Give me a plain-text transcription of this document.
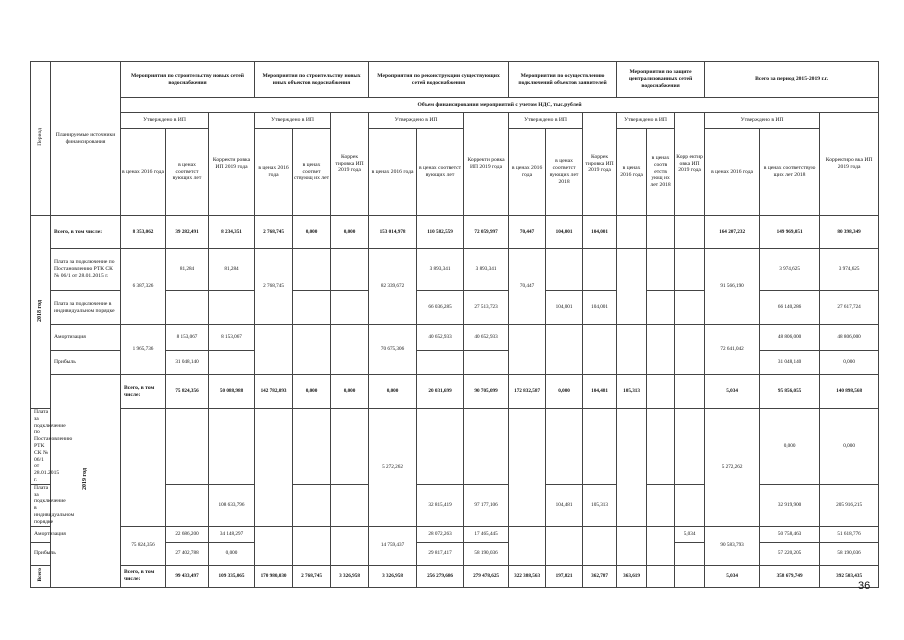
Период	Планируемые источники финансирования	Мероприятия по строительству новых сетей водоснабжения			Мероприятия по строительству новых иных объектов водоснабжения			Мероприятия по реконструкции существующих сетей водоснабжения			Мероприятия по осуществлению подключений объектов заявителей			Мероприятия по защите централизованных сетей водоснабжения			Всего за период 2015-2019 г.г.			
		Объем финансирования мероприятий с учетом НДС, тыс.рублей																		
		Утверждено в ИП		Корректи ровка ИП 2019 года	Утверждено в ИП		Коррек тировка ИП 2019 года	Утверждено в ИП		Корректи ровка ИП 2019 года	Утверждено в ИП		Коррек тировка ИП 2019 года	Утверждено в ИП		Корр ектир овка ИП 2019 года	Утверждено в ИП		Корректиро вка ИП 2019 года	
		в ценах 2016 года	в ценах соответст вующих лет		в ценах 2016 года	в ценах соответ ствующ их лет		в ценах 2016 года	в ценах соответст вующих лет		в ценах 2016 года	в ценах соответст вующих лет 2018		в ценах 2016 года	в ценах соотв етств ующ их лет 2018		в ценах 2016 года	в ценах соответствую щих лет 2018		
2018 год	Всего, в том числе:	8 353,062	39 282,491	8 234,351	2 768,745	0,000	0,000	153 014,978	110 582,559	72 059,997	70,447	104,001	104,001				164 207,232	149 969,051	80 398,349	
	Плата за подключение по Постановлению РТК СК № 06/1 от 28.01.2015 г.	6 387,326	81,284	81,284	2 768,745			82 339,672	3 893,341	3 893,341	70,447						91 566,190	3 974,625	3 974,625	
	Плата за подключение в индивидуальном порядке								66 036,285	27 513,723		104,001	104,001					66 140,286	27 617,724	
	Амортизация	1 965,736	8 153,067	8 153,067				70 675,306	40 652,933	40 652,933							72 641,042	48 806,000	48 806,000	
	Прибыль		31 048,140															31 048,140	0,000	
	2019 год	Всего, в том числе:	75 824,356	50 088,988	142 782,093	0,000	0,000	0,000	20 031,699	90 705,099	172 832,587	0,000	104,481	105,313			5,034	95 856,055	140 898,568	
Плата за подключение по Постановлению РТК СК № 06/1 от 28.01.2015 г.								5 272,262									5 272,262	0,000	0,000	
Плата за подключение в индивидуальном порядке				108 633,796					32 815,419	97 177,106		104,481	105,313					32 919,900	205 916,215	
Амортизация		75 824,356	22 686,200	34 148,297				14 759,437	28 072,263	17 465,445						5,034	90 583,793	50 758,463	51 618,776	
Прибыль			27 402,788	0,000					29 817,417	58 190,036								57 220,205	58 190,036	
Всего		Всего, в том числе:	99 433,497	109 335,065	170 980,030	2 768,745	3 326,958	3 326,958	256 279,686	279 478,625	322 388,563	197,821	362,787	363,619			5,034	358 679,749	392 503,435	
36
